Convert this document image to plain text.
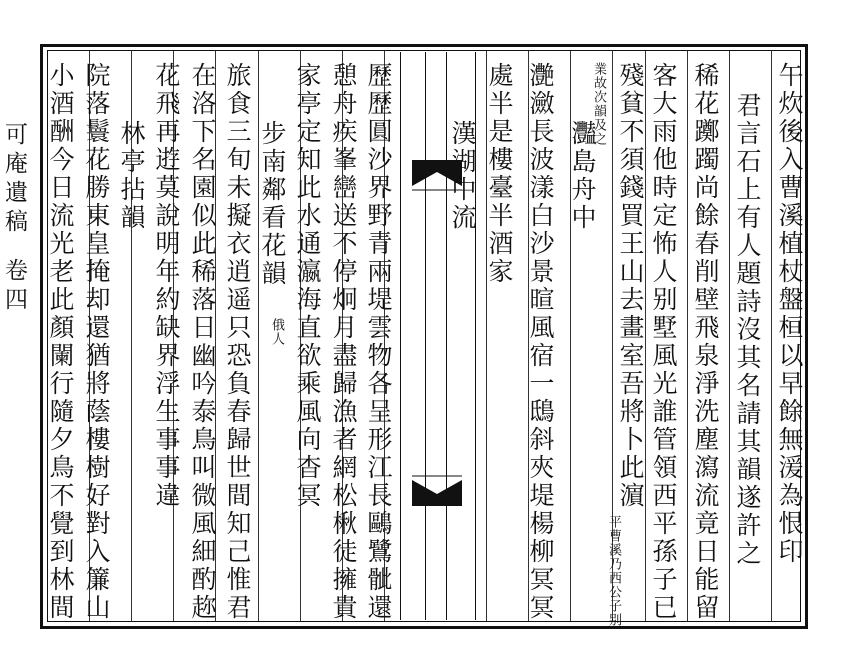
可庵遺稿
卷四	午炊後入曹溪植杖盤桓以早餘無湲為恨印
君言石上有人題詩沒其名請其韻遂許之
稀花躑躅尚餘春削壁飛泉淨洗塵瀉流竟日能留
客大雨他時定怖人别墅風光誰管領西平孫子已
殘貧不須錢買王山去畫室吾將卜此濵
平曹溪乃西公子别
業故次韻及之
灩島舟中
灔瀲長波漾白沙景暄風宿一鴟斜夾堤楊柳冥冥
處半是樓臺半酒家
漢湖中流
歷歷圓沙界野青兩堤雲物各呈形江長鷗鷺骴還
憩舟疾峯巒送不停炯月盡歸漁者網松楸徒擁貴
家亭定知此水通瀛海直欲乘風向杳冥
步南鄰看花韻
俄人
旅食三旬未擬衣逍遥只恐負春歸世間知己惟君
在洛下名園似此稀落日幽吟泰鳥叫微風細酌趂
花飛再逰莫說明年約缺界浮生事事違
林亭拈韻
院落鬟花勝東皇掩却還猶將蔭樓樹好對入簾山
小酒酬今日流光老此顏闌行隨夕鳥不覺到林間
